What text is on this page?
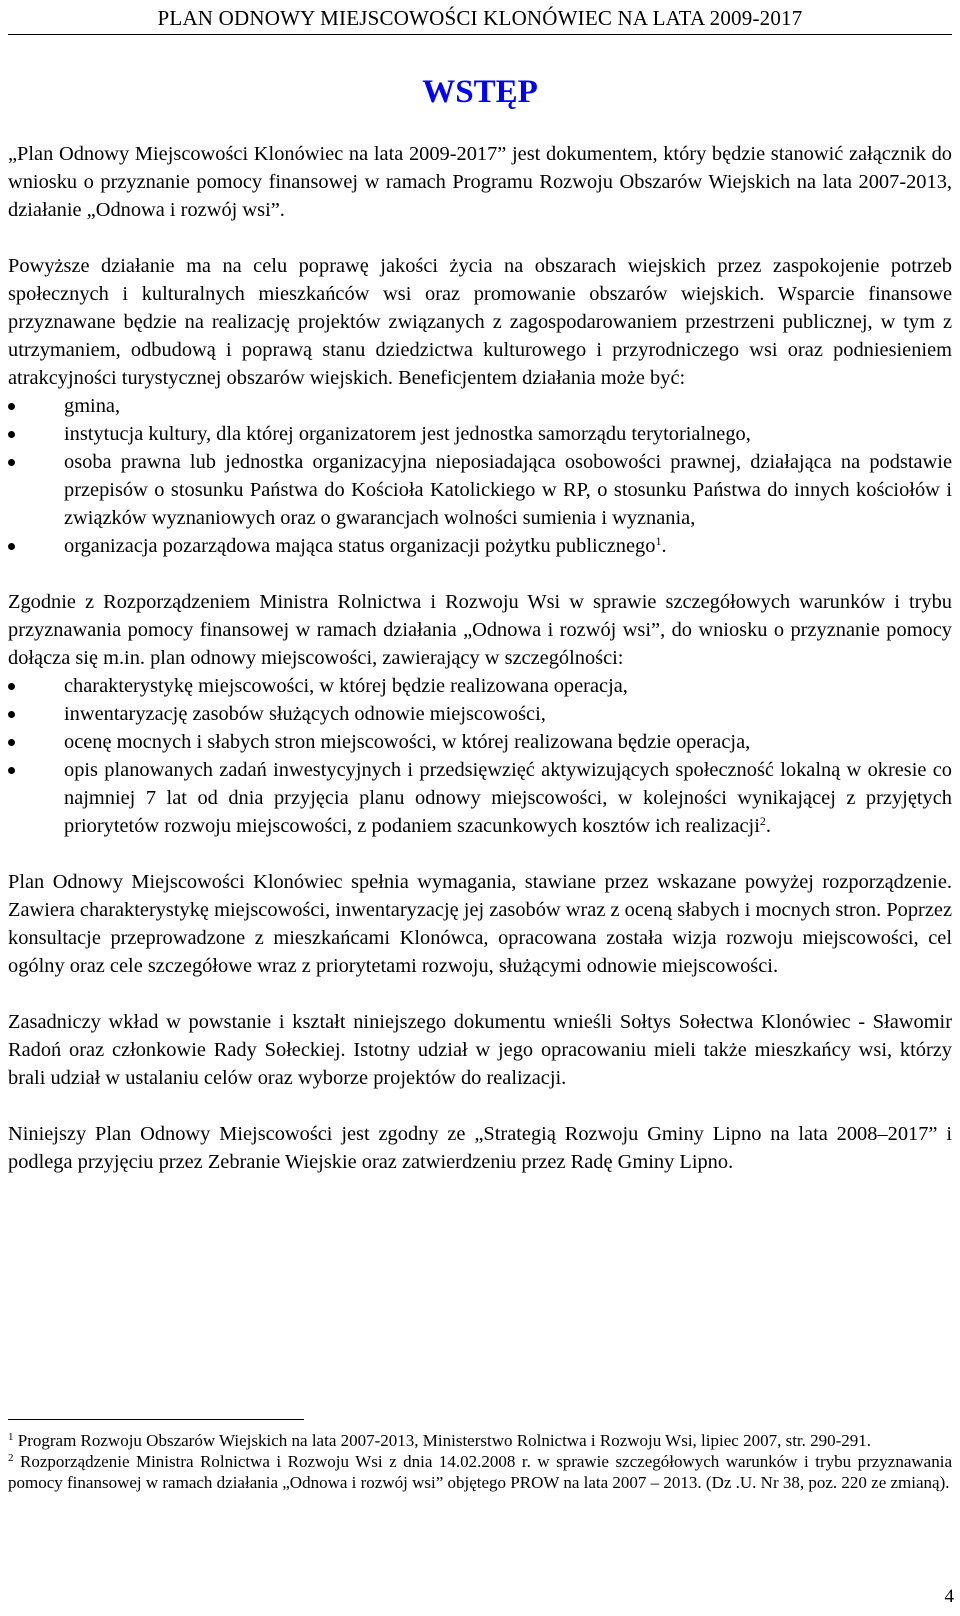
PLAN ODNOWY MIEJSCOWOŚCI KLONÓWIEC NA LATA 2009-2017
WSTĘP

„Plan Odnowy Miejscowości Klonówiec na lata 2009-2017” jest dokumentem, który będzie stanowić załącznik do wniosku o przyznanie pomocy finansowej w ramach Programu Rozwoju Obszarów Wiejskich na lata 2007-2013, działanie „Odnowa i rozwój wsi”.

Powyższe działanie ma na celu poprawę jakości życia na obszarach wiejskich przez zaspokojenie potrzeb społecznych i kulturalnych mieszkańców wsi oraz promowanie obszarów wiejskich. Wsparcie finansowe przyznawane będzie na realizację projektów związanych z zagospodarowaniem przestrzeni publicznej, w tym z utrzymaniem, odbudową i poprawą stanu dziedzictwa kulturowego i przyrodniczego wsi oraz podniesieniem atrakcyjności turystycznej obszarów wiejskich. Beneficjentem działania może być:

gmina,
instytucja kultury, dla której organizatorem jest jednostka samorządu terytorialnego,
osoba prawna lub jednostka organizacyjna nieposiadająca osobowości prawnej, działająca na podstawie przepisów o stosunku Państwa do Kościoła Katolickiego w RP, o stosunku Państwa do innych kościołów i związków wyznaniowych oraz o gwarancjach wolności sumienia i wyznania,
organizacja pozarządowa mająca status organizacji pożytku publicznego$^1$.

Zgodnie z Rozporządzeniem Ministra Rolnictwa i Rozwoju Wsi w sprawie szczegółowych warunków i trybu przyznawania pomocy finansowej w ramach działania „Odnowa i rozwój wsi”, do wniosku o przyznanie pomocy dołącza się m.in. plan odnowy miejscowości, zawierający w szczególności:

charakterystykę miejscowości, w której będzie realizowana operacja,
inwentaryzację zasobów służących odnowie miejscowości,
ocenę mocnych i słabych stron miejscowości, w której realizowana będzie operacja,
opis planowanych zadań inwestycyjnych i przedsięwzięć aktywizujących społeczność lokalną w okresie co najmniej 7 lat od dnia przyjęcia planu odnowy miejscowości, w kolejności wynikającej z przyjętych priorytetów rozwoju miejscowości, z podaniem szacunkowych kosztów ich realizacji$^2$.

Plan Odnowy Miejscowości Klonówiec spełnia wymagania, stawiane przez wskazane powyżej rozporządzenie. Zawiera charakterystykę miejscowości, inwentaryzację jej zasobów wraz z oceną słabych i mocnych stron. Poprzez konsultacje przeprowadzone z mieszkańcami Klonówca, opracowana została wizja rozwoju miejscowości, cel ogólny oraz cele szczegółowe wraz z priorytetami rozwoju, służącymi odnowie miejscowości.

Zasadniczy wkład w powstanie i kształt niniejszego dokumentu wnieśli Sołtys Sołectwa Klonówiec - Sławomir Radoń oraz członkowie Rady Sołeckiej. Istotny udział w jego opracowaniu mieli także mieszkańcy wsi, którzy brali udział w ustalaniu celów oraz wyborze projektów do realizacji.

Niniejszy Plan Odnowy Miejscowości jest zgodny ze „Strategią Rozwoju Gminy Lipno na lata 2008–2017” i podlega przyjęciu przez Zebranie Wiejskie oraz zatwierdzeniu przez Radę Gminy Lipno.

$^1$ Program Rozwoju Obszarów Wiejskich na lata 2007-2013, Ministerstwo Rolnictwa i Rozwoju Wsi, lipiec 2007, str. 290-291.

$^2$ Rozporządzenie Ministra Rolnictwa i Rozwoju Wsi z dnia 14.02.2008 r. w sprawie szczegółowych warunków i trybu przyznawania pomocy finansowej w ramach działania „Odnowa i rozwój wsi” objętego PROW na lata 2007 – 2013. (Dz .U. Nr 38, poz. 220 ze zmianą).

4
